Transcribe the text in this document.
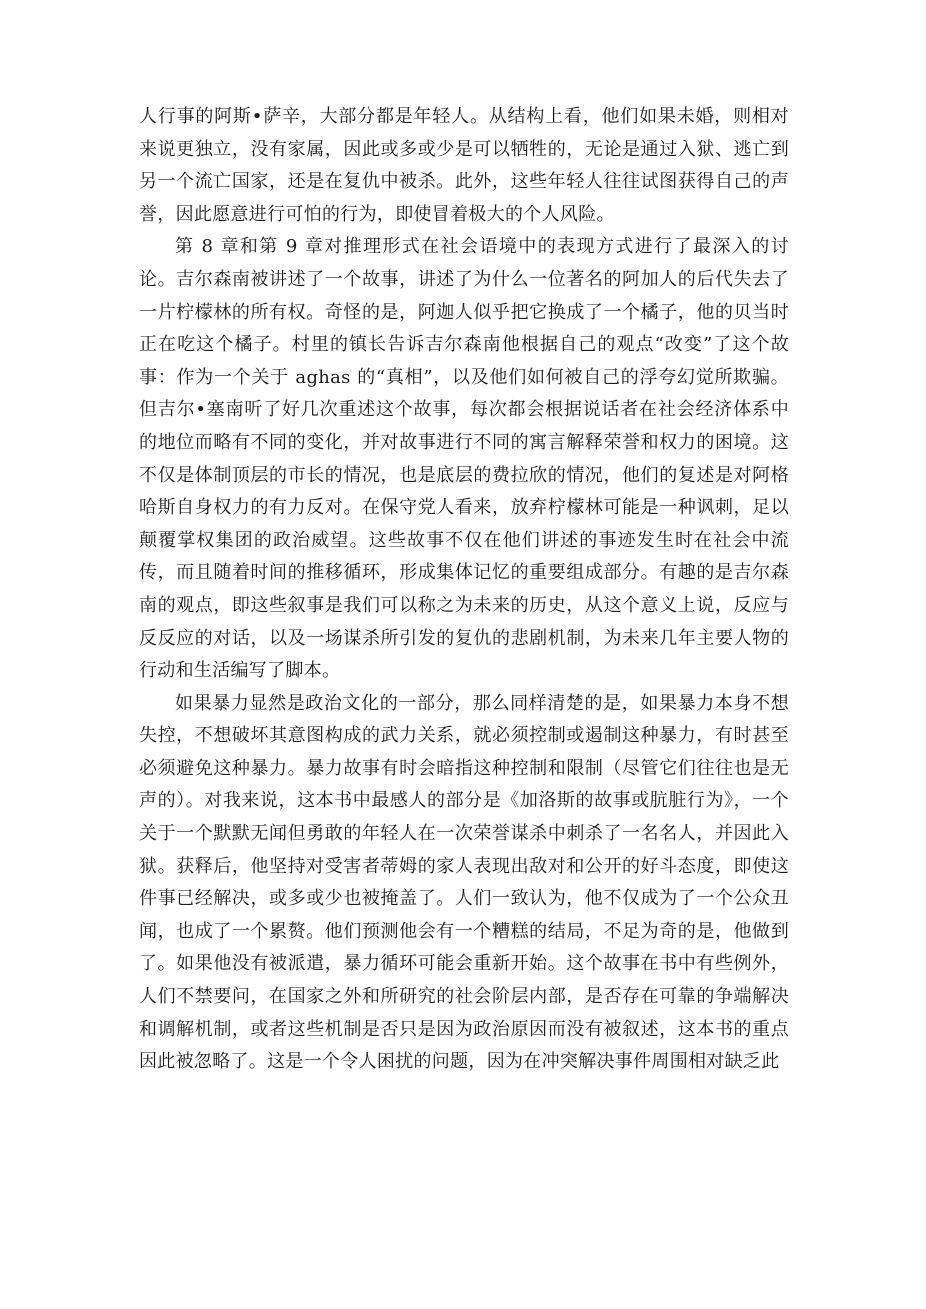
人行事的阿斯•萨辛，大部分都是年轻人。从结构上看，他们如果未婚，则相对来说更独立，没有家属，因此或多或少是可以牺牲的，无论是通过入狱、逃亡到另一个流亡国家，还是在复仇中被杀。此外，这些年轻人往往试图获得自己的声誉，因此愿意进行可怕的行为，即使冒着极大的个人风险。

第 8 章和第 9 章对推理形式在社会语境中的表现方式进行了最深入的讨论。吉尔森南被讲述了一个故事，讲述了为什么一位著名的阿加人的后代失去了一片柠檬林的所有权。奇怪的是，阿迦人似乎把它换成了一个橘子，他的贝当时正在吃这个橘子。村里的镇长告诉吉尔森南他根据自己的观点“改变”了这个故事：作为一个关于 aghas 的“真相”，以及他们如何被自己的浮夸幻觉所欺骗。但吉尔•塞南听了好几次重述这个故事，每次都会根据说话者在社会经济体系中的地位而略有不同的变化，并对故事进行不同的寓言解释荣誉和权力的困境。这不仅是体制顶层的市长的情况，也是底层的费拉欣的情况，他们的复述是对阿格哈斯自身权力的有力反对。在保守党人看来，放弃柠檬林可能是一种讽刺，足以颠覆掌权集团的政治威望。这些故事不仅在他们讲述的事迹发生时在社会中流传，而且随着时间的推移循环，形成集体记忆的重要组成部分。有趣的是吉尔森南的观点，即这些叙事是我们可以称之为未来的历史，从这个意义上说，反应与反反应的对话，以及一场谋杀所引发的复仇的悲剧机制，为未来几年主要人物的行动和生活编写了脚本。

如果暴力显然是政治文化的一部分，那么同样清楚的是，如果暴力本身不想失控，不想破坏其意图构成的武力关系，就必须控制或遏制这种暴力，有时甚至必须避免这种暴力。暴力故事有时会暗指这种控制和限制（尽管它们往往也是无声的）。对我来说，这本书中最感人的部分是《加洛斯的故事或肮脏行为》，一个关于一个默默无闻但勇敢的年轻人在一次荣誉谋杀中刺杀了一名名人，并因此入狱。获释后，他坚持对受害者蒂姆的家人表现出敌对和公开的好斗态度，即使这件事已经解决，或多或少也被掩盖了。人们一致认为，他不仅成为了一个公众丑闻，也成了一个累赘。他们预测他会有一个糟糕的结局，不足为奇的是，他做到了。如果他没有被派遣，暴力循环可能会重新开始。这个故事在书中有些例外，人们不禁要问，在国家之外和所研究的社会阶层内部，是否存在可靠的争端解决和调解机制，或者这些机制是否只是因为政治原因而没有被叙述，这本书的重点因此被忽略了。这是一个令人困扰的问题，因为在冲突解决事件周围相对缺乏此
